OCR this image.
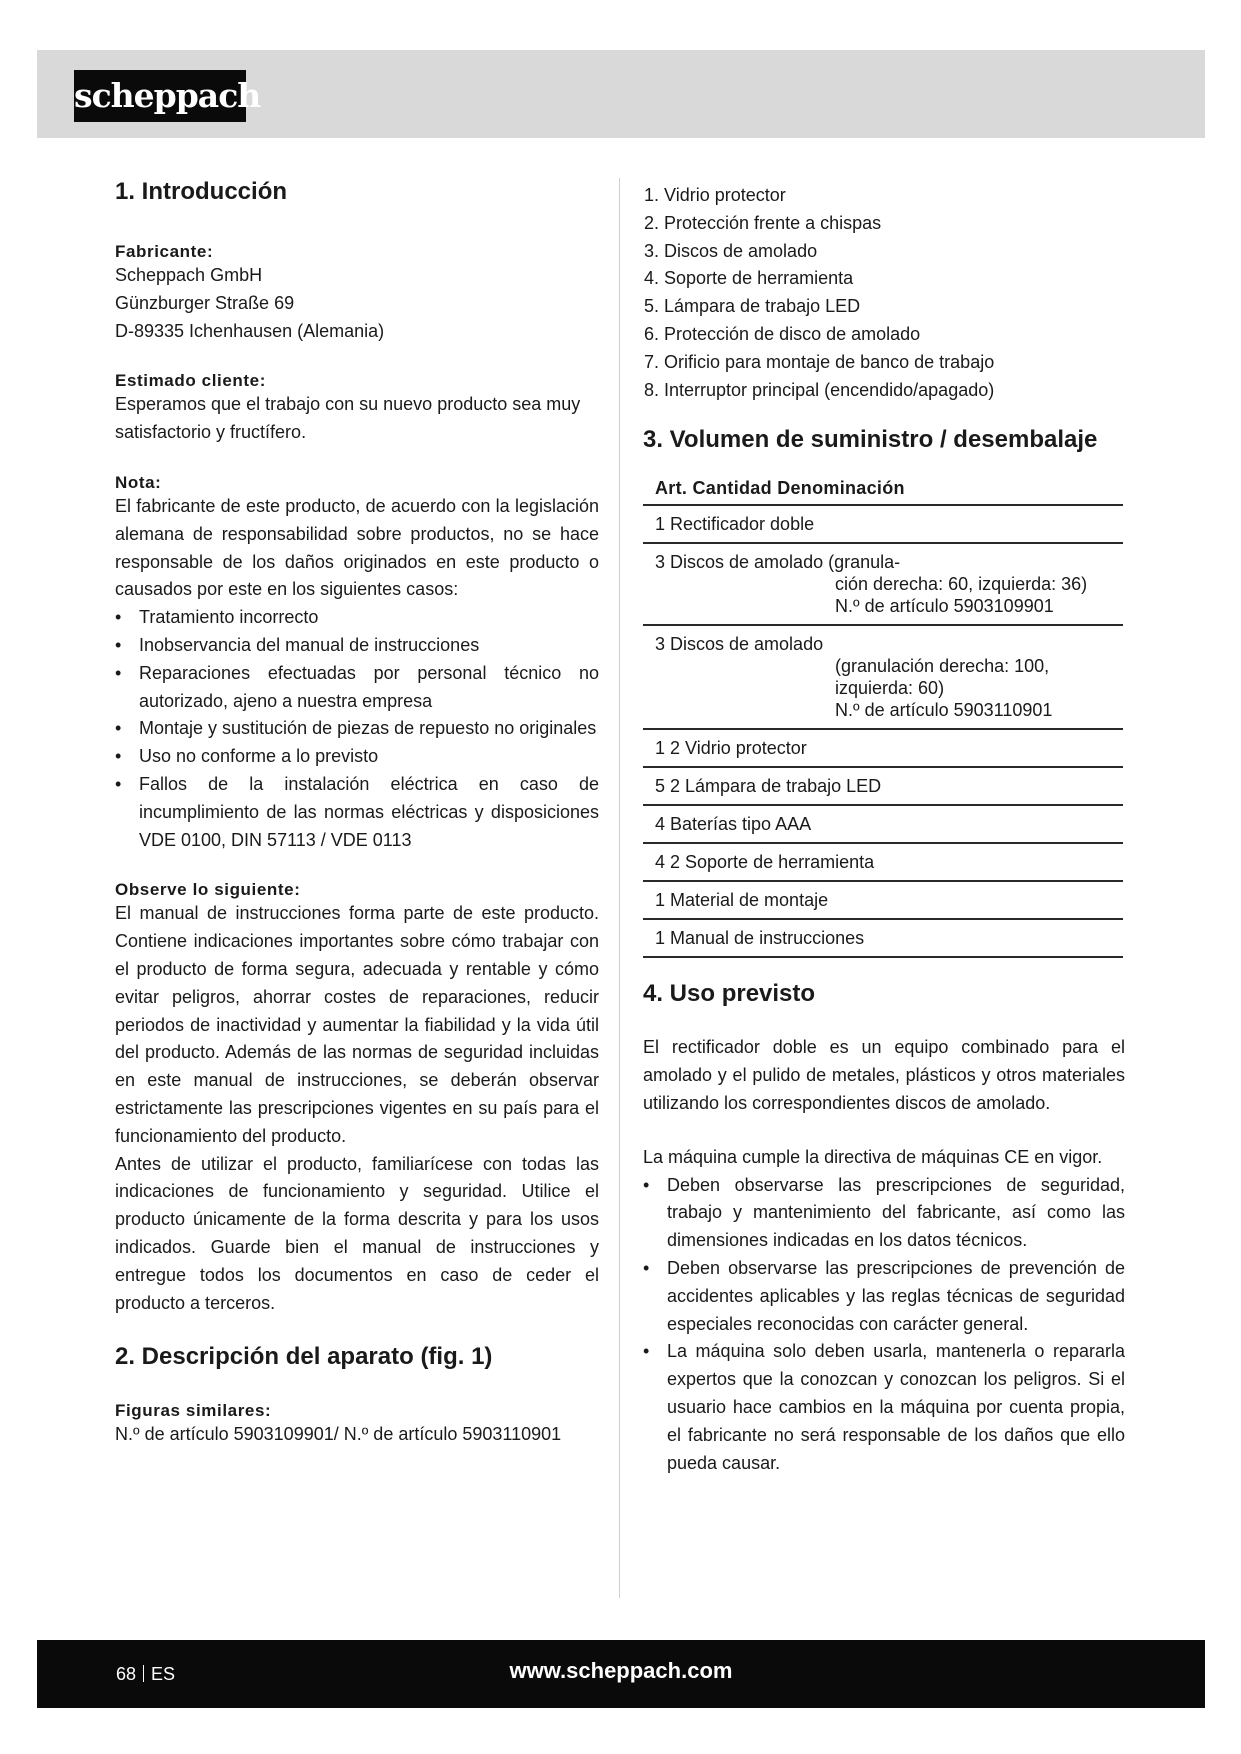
scheppach
1. Introducción
Fabricante:
Scheppach GmbH
Günzburger Straße 69
D-89335 Ichenhausen (Alemania)
Estimado cliente:
Esperamos que el trabajo con su nuevo producto sea muy satisfactorio y fructífero.
Nota:
El fabricante de este producto, de acuerdo con la legislación alemana de responsabilidad sobre productos, no se hace responsable de los daños originados en este producto o causados por este en los siguientes casos:
• Tratamiento incorrecto
• Inobservancia del manual de instrucciones
• Reparaciones efectuadas por personal técnico no autorizado, ajeno a nuestra empresa
• Montaje y sustitución de piezas de repuesto no originales
• Uso no conforme a lo previsto
• Fallos de la instalación eléctrica en caso de incumplimiento de las normas eléctricas y disposiciones VDE 0100, DIN 57113 / VDE 0113
Observe lo siguiente:
El manual de instrucciones forma parte de este producto. Contiene indicaciones importantes sobre cómo trabajar con el producto de forma segura, adecuada y rentable y cómo evitar peligros, ahorrar costes de reparaciones, reducir periodos de inactividad y aumentar la fiabilidad y la vida útil del producto. Además de las normas de seguridad incluidas en este manual de instrucciones, se deberán observar estrictamente las prescripciones vigentes en su país para el funcionamiento del producto.
Antes de utilizar el producto, familiarícese con todas las indicaciones de funcionamiento y seguridad. Utilice el producto únicamente de la forma descrita y para los usos indicados. Guarde bien el manual de instrucciones y entregue todos los documentos en caso de ceder el producto a terceros.
2. Descripción del aparato (fig. 1)
Figuras similares:
N.º de artículo 5903109901/ N.º de artículo 5903110901
1. Vidrio protector
2. Protección frente a chispas
3. Discos de amolado
4. Soporte de herramienta
5. Lámpara de trabajo LED
6. Protección de disco de amolado
7. Orificio para montaje de banco de trabajo
8. Interruptor principal (encendido/apagado)
3. Volumen de suministro / desembalaje
Art. Cantidad Denominación
1 Rectificador doble

3 Discos de amolado (granula-
ción derecha: 60, izquierda: 36)
N.º de artículo 5903109901

3 Discos de amolado
(granulación derecha: 100, izquierda: 60)
N.º de artículo 5903110901

1 2 Vidrio protector
5 2 Lámpara de trabajo LED
4 Baterías tipo AAA
4 2 Soporte de herramienta
1 Material de montaje
1 Manual de instrucciones
4. Uso previsto
El rectificador doble es un equipo combinado para el amolado y el pulido de metales, plásticos y otros materiales utilizando los correspondientes discos de amolado.
La máquina cumple la directiva de máquinas CE en vigor.
• Deben observarse las prescripciones de seguridad, trabajo y mantenimiento del fabricante, así como las dimensiones indicadas en los datos técnicos.
• Deben observarse las prescripciones de prevención de accidentes aplicables y las reglas técnicas de seguridad especiales reconocidas con carácter general.
• La máquina solo deben usarla, mantenerla o repararla expertos que la conozcan y conozcan los peligros. Si el usuario hace cambios en la máquina por cuenta propia, el fabricante no será responsable de los daños que ello pueda causar.
68 ES	www.scheppach.com
